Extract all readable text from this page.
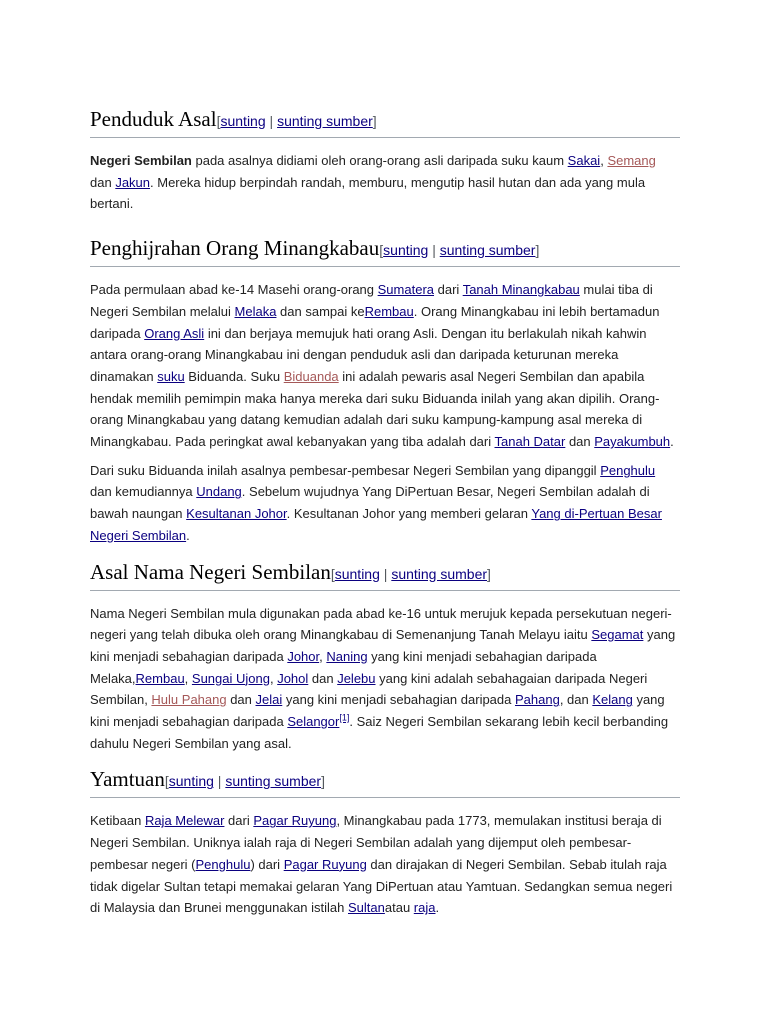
Penduduk Asal[sunting | sunting sumber]

Negeri Sembilan pada asalnya didiami oleh orang-orang asli daripada suku kaum Sakai, Semang dan Jakun. Mereka hidup berpindah randah, memburu, mengutip hasil hutan dan ada yang mula bertani.

Penghijrahan Orang Minangkabau[sunting | sunting sumber]

Pada permulaan abad ke-14 Masehi orang-orang Sumatera dari Tanah Minangkabau mulai tiba di Negeri Sembilan melalui Melaka dan sampai keRembau. Orang Minangkabau ini lebih bertamadun daripada Orang Asli ini dan berjaya memujuk hati orang Asli. Dengan itu berlakulah nikah kahwin antara orang-orang Minangkabau ini dengan penduduk asli dan daripada keturunan mereka dinamakan suku Biduanda. Suku Biduanda ini adalah pewaris asal Negeri Sembilan dan apabila hendak memilih pemimpin maka hanya mereka dari suku Biduanda inilah yang akan dipilih. Orang-orang Minangkabau yang datang kemudian adalah dari suku kampung-kampung asal mereka di Minangkabau. Pada peringkat awal kebanyakan yang tiba adalah dari Tanah Datar dan Payakumbuh.

Dari suku Biduanda inilah asalnya pembesar-pembesar Negeri Sembilan yang dipanggil Penghulu dan kemudiannya Undang. Sebelum wujudnya Yang DiPertuan Besar, Negeri Sembilan adalah di bawah naungan Kesultanan Johor. Kesultanan Johor yang memberi gelaran Yang di-Pertuan Besar Negeri Sembilan.

Asal Nama Negeri Sembilan[sunting | sunting sumber]

Nama Negeri Sembilan mula digunakan pada abad ke-16 untuk merujuk kepada persekutuan negeri-negeri yang telah dibuka oleh orang Minangkabau di Semenanjung Tanah Melayu iaitu Segamat yang kini menjadi sebahagian daripada Johor, Naning yang kini menjadi sebahagian daripada Melaka,Rembau, Sungai Ujong, Johol dan Jelebu yang kini adalah sebahagaian daripada Negeri Sembilan, Hulu Pahang dan Jelai yang kini menjadi sebahagian daripada Pahang, dan Kelang yang kini menjadi sebahagian daripada Selangor[1]. Saiz Negeri Sembilan sekarang lebih kecil berbanding dahulu Negeri Sembilan yang asal.

Yamtuan[sunting | sunting sumber]

Ketibaan Raja Melewar dari Pagar Ruyung, Minangkabau pada 1773, memulakan institusi beraja di Negeri Sembilan. Uniknya ialah raja di Negeri Sembilan adalah yang dijemput oleh pembesar-pembesar negeri (Penghulu) dari Pagar Ruyung dan dirajakan di Negeri Sembilan. Sebab itulah raja tidak digelar Sultan tetapi memakai gelaran Yang DiPertuan atau Yamtuan. Sedangkan semua negeri di Malaysia dan Brunei menggunakan istilah Sultanatau raja.
